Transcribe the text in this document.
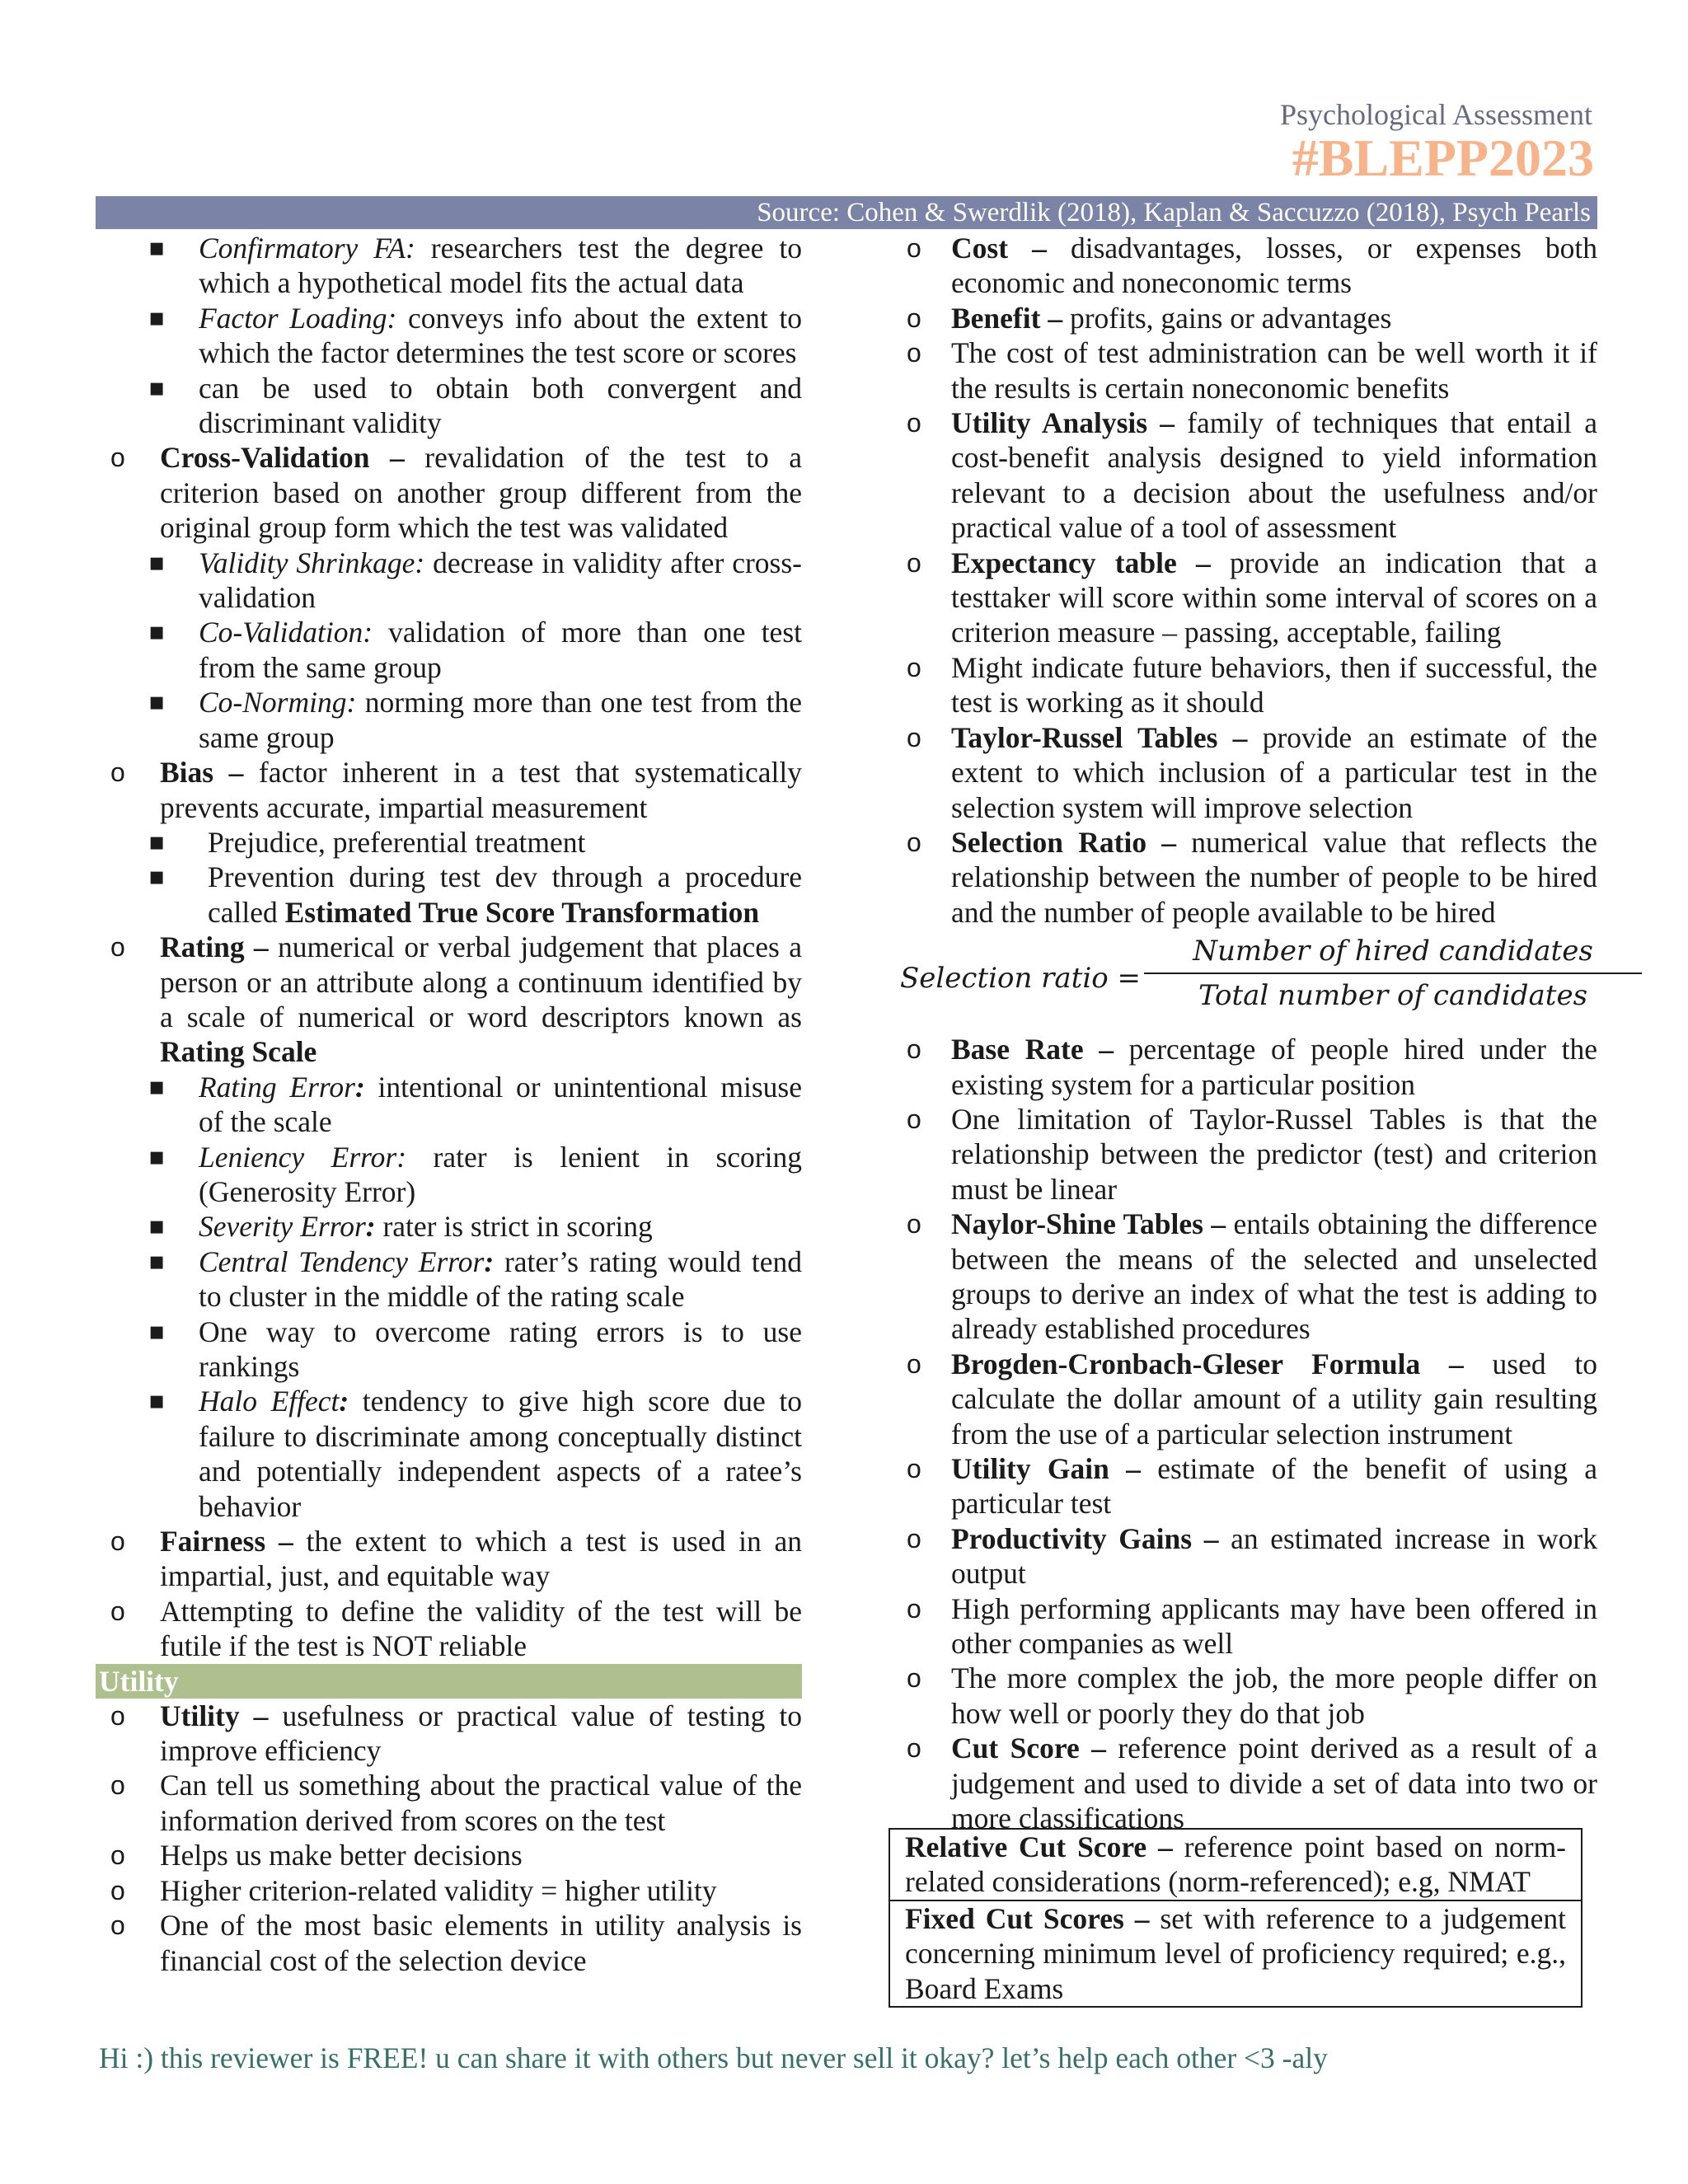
Psychological Assessment
#BLEPP2023
Source: Cohen & Swerdlik (2018), Kaplan & Saccuzzo (2018), Psych Pearls
▪ Confirmatory FA: researchers test the degree to which a hypothetical model fits the actual data
▪ Factor Loading: conveys info about the extent to which the factor determines the test score or scores
▪ can be used to obtain both convergent and discriminant validity
o Cross-Validation – revalidation of the test to a criterion based on another group different from the original group form which the test was validated
▪ Validity Shrinkage: decrease in validity after cross-validation
▪ Co-Validation: validation of more than one test from the same group
▪ Co-Norming: norming more than one test from the same group
o Bias – factor inherent in a test that systematically prevents accurate, impartial measurement
▪ Prejudice, preferential treatment
▪ Prevention during test dev through a procedure called Estimated True Score Transformation
o Rating – numerical or verbal judgement that places a person or an attribute along a continuum identified by a scale of numerical or word descriptors known as Rating Scale
▪ Rating Error: intentional or unintentional misuse of the scale
▪ Leniency Error: rater is lenient in scoring (Generosity Error)
▪ Severity Error: rater is strict in scoring
▪ Central Tendency Error: rater’s rating would tend to cluster in the middle of the rating scale
▪ One way to overcome rating errors is to use rankings
▪ Halo Effect: tendency to give high score due to failure to discriminate among conceptually distinct and potentially independent aspects of a ratee’s behavior
o Fairness – the extent to which a test is used in an impartial, just, and equitable way
o Attempting to define the validity of the test will be futile if the test is NOT reliable
Utility
o Utility – usefulness or practical value of testing to improve efficiency
o Can tell us something about the practical value of the information derived from scores on the test
o Helps us make better decisions
o Higher criterion-related validity = higher utility
o One of the most basic elements in utility analysis is financial cost of the selection device
o Cost – disadvantages, losses, or expenses both economic and noneconomic terms
o Benefit – profits, gains or advantages
o The cost of test administration can be well worth it if the results is certain noneconomic benefits
o Utility Analysis – family of techniques that entail a cost-benefit analysis designed to yield information relevant to a decision about the usefulness and/or practical value of a tool of assessment
o Expectancy table – provide an indication that a testtaker will score within some interval of scores on a criterion measure – passing, acceptable, failing
o Might indicate future behaviors, then if successful, the test is working as it should
o Taylor-Russel Tables – provide an estimate of the extent to which inclusion of a particular test in the selection system will improve selection
o Selection Ratio – numerical value that reflects the relationship between the number of people to be hired and the number of people available to be hired
Selection ratio =
Number of hired candidates
Total number of candidates
o Base Rate – percentage of people hired under the existing system for a particular position
o One limitation of Taylor-Russel Tables is that the relationship between the predictor (test) and criterion must be linear
o Naylor-Shine Tables – entails obtaining the difference between the means of the selected and unselected groups to derive an index of what the test is adding to already established procedures
o Brogden-Cronbach-Gleser Formula – used to calculate the dollar amount of a utility gain resulting from the use of a particular selection instrument
o Utility Gain – estimate of the benefit of using a particular test
o Productivity Gains – an estimated increase in work output
o High performing applicants may have been offered in other companies as well
o The more complex the job, the more people differ on how well or poorly they do that job
o Cut Score – reference point derived as a result of a judgement and used to divide a set of data into two or more classifications
Relative Cut Score – reference point based on norm-related considerations (norm-referenced); e.g, NMAT
Fixed Cut Scores – set with reference to a judgement concerning minimum level of proficiency required; e.g., Board Exams
Hi :) this reviewer is FREE! u can share it with others but never sell it okay? let’s help each other <3 -aly
